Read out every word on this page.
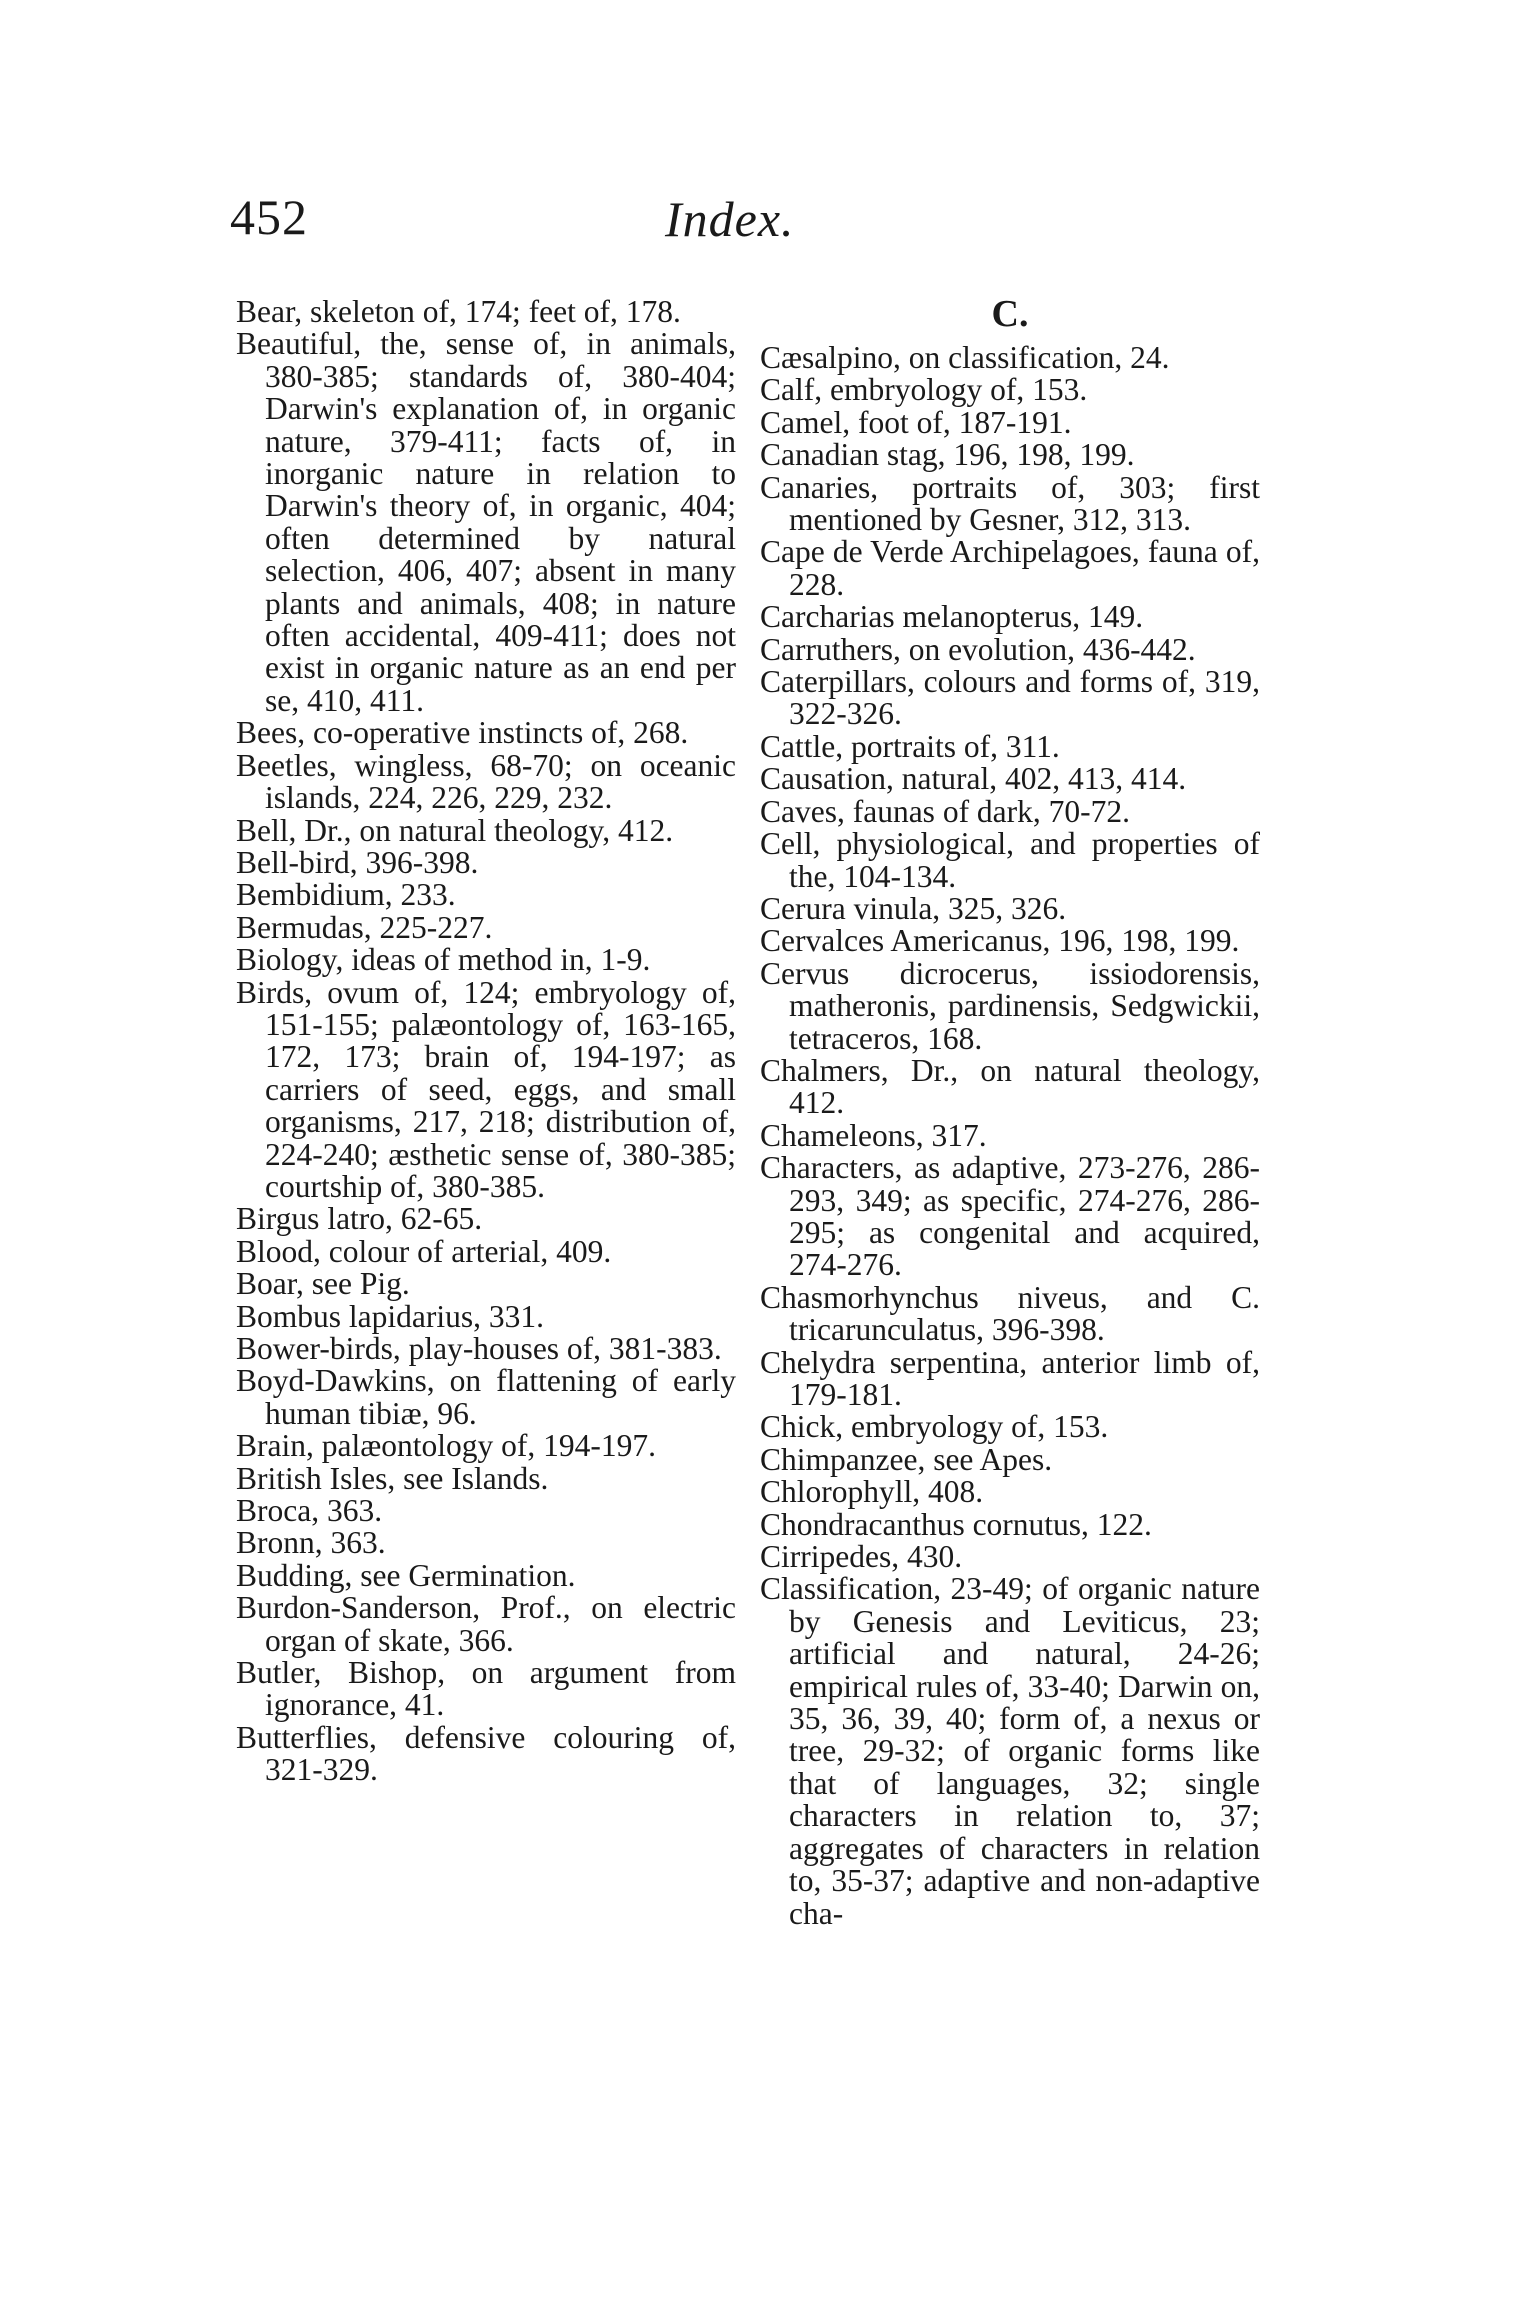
452	Index.

Bear, skeleton of, 174; feet of, 178.

Beautiful, the, sense of, in animals, 380-385; standards of, 380-404; Darwin's explanation of, in organic nature, 379-411; facts of, in inorganic nature in relation to Darwin's theory of, in organic, 404; often determined by natural selection, 406, 407; absent in many plants and animals, 408; in nature often accidental, 409-411; does not exist in organic nature as an end per se, 410, 411.

Bees, co-operative instincts of, 268.

Beetles, wingless, 68-70; on oceanic islands, 224, 226, 229, 232.

Bell, Dr., on natural theology, 412.

Bell-bird, 396-398.

Bembidium, 233.

Bermudas, 225-227.

Biology, ideas of method in, 1-9.

Birds, ovum of, 124; embryology of, 151-155; palæontology of, 163-165, 172, 173; brain of, 194-197; as carriers of seed, eggs, and small organisms, 217, 218; distribution of, 224-240; æsthetic sense of, 380-385; courtship of, 380-385.

Birgus latro, 62-65.

Blood, colour of arterial, 409.

Boar, see Pig.

Bombus lapidarius, 331.

Bower-birds, play-houses of, 381-383.

Boyd-Dawkins, on flattening of early human tibiæ, 96.

Brain, palæontology of, 194-197.

British Isles, see Islands.

Broca, 363.

Bronn, 363.

Budding, see Germination.

Burdon-Sanderson, Prof., on electric organ of skate, 366.

Butler, Bishop, on argument from ignorance, 41.

Butterflies, defensive colouring of, 321-329.

C.

Cæsalpino, on classification, 24.

Calf, embryology of, 153.

Camel, foot of, 187-191.

Canadian stag, 196, 198, 199.

Canaries, portraits of, 303; first mentioned by Gesner, 312, 313.

Cape de Verde Archipelagoes, fauna of, 228.

Carcharias melanopterus, 149.

Carruthers, on evolution, 436-442.

Caterpillars, colours and forms of, 319, 322-326.

Cattle, portraits of, 311.

Causation, natural, 402, 413, 414.

Caves, faunas of dark, 70-72.

Cell, physiological, and properties of the, 104-134.

Cerura vinula, 325, 326.

Cervalces Americanus, 196, 198, 199.

Cervus dicrocerus, issiodorensis, matheronis, pardinensis, Sedgwickii, tetraceros, 168.

Chalmers, Dr., on natural theology, 412.

Chameleons, 317.

Characters, as adaptive, 273-276, 286-293, 349; as specific, 274-276, 286-295; as congenital and acquired, 274-276.

Chasmorhynchus niveus, and C. tricarunculatus, 396-398.

Chelydra serpentina, anterior limb of, 179-181.

Chick, embryology of, 153.

Chimpanzee, see Apes.

Chlorophyll, 408.

Chondracanthus cornutus, 122.

Cirripedes, 430.

Classification, 23-49; of organic nature by Genesis and Leviticus, 23; artificial and natural, 24-26; empirical rules of, 33-40; Darwin on, 35, 36, 39, 40; form of, a nexus or tree, 29-32; of organic forms like that of languages, 32; single characters in relation to, 37; aggregates of characters in relation to, 35-37; adaptive and non-adaptive cha-
